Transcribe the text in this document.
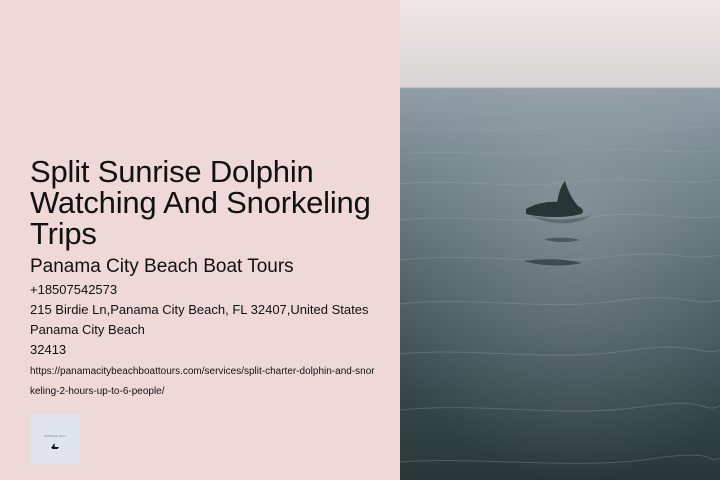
Split Sunrise Dolphin Watching And Snorkeling Trips
Panama City Beach Boat Tours
+18507542573
215 Birdie Ln,Panama City Beach, FL 32407,United States
Panama City Beach
32413
https://panamacitybeachboattours.com/services/split-charter-dolphin-and-snorkeling-2-hours-up-to-6-people/
PCB Boat Tours
